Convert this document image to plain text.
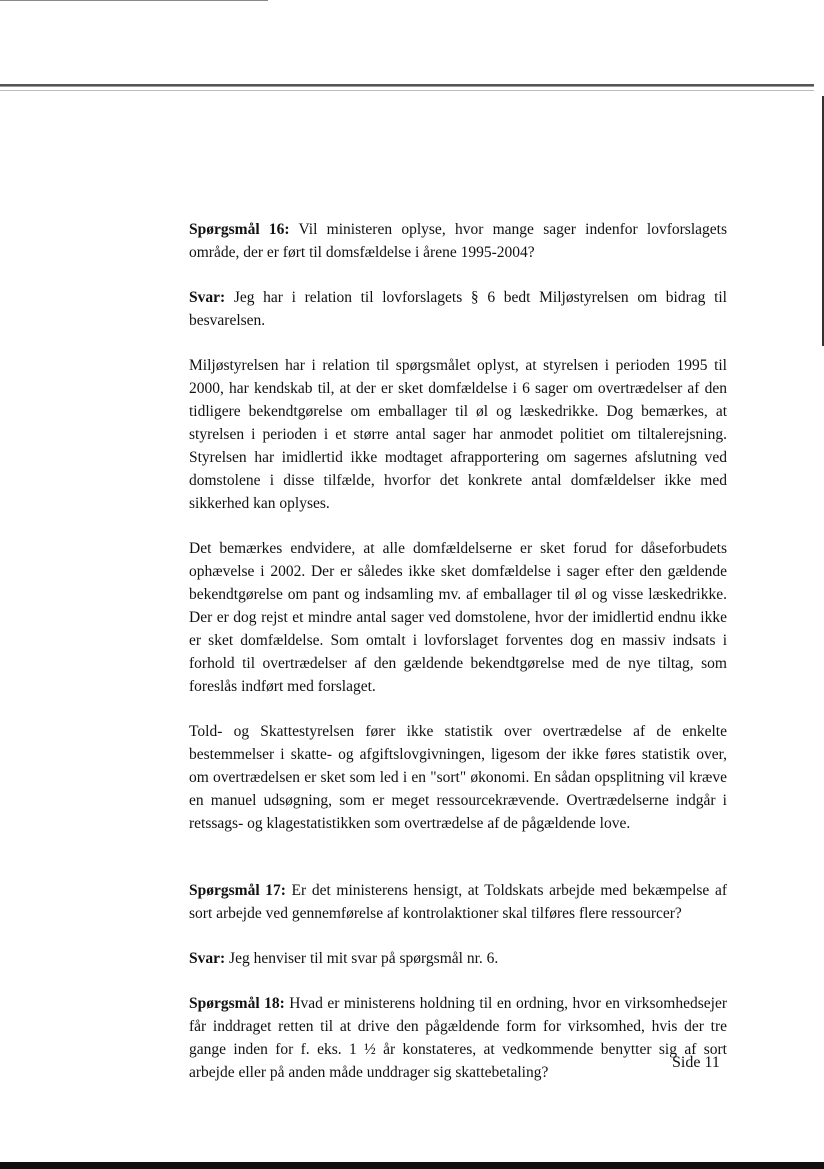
Spørgsmål 16: Vil ministeren oplyse, hvor mange sager indenfor lovforslagets område, der er ført til domsfældelse i årene 1995-2004?

Svar: Jeg har i relation til lovforslagets § 6 bedt Miljøstyrelsen om bidrag til besvarelsen.

Miljøstyrelsen har i relation til spørgsmålet oplyst, at styrelsen i perioden 1995 til 2000, har kendskab til, at der er sket domfældelse i 6 sager om overtrædelser af den tidligere bekendtgørelse om emballager til øl og læskedrikke. Dog bemærkes, at styrelsen i perioden i et større antal sager har anmodet politiet om tiltalerejsning. Styrelsen har imidlertid ikke modtaget afrapportering om sagernes afslutning ved domstolene i disse tilfælde, hvorfor det konkrete antal domfældelser ikke med sikkerhed kan oplyses.

Det bemærkes endvidere, at alle domfældelserne er sket forud for dåseforbudets ophævelse i 2002. Der er således ikke sket domfældelse i sager efter den gældende bekendtgørelse om pant og indsamling mv. af emballager til øl og visse læskedrikke. Der er dog rejst et mindre antal sager ved domstolene, hvor der imidlertid endnu ikke er sket domfældelse. Som omtalt i lovforslaget forventes dog en massiv indsats i forhold til overtrædelser af den gældende bekendtgørelse med de nye tiltag, som foreslås indført med forslaget.

Told- og Skattestyrelsen fører ikke statistik over overtrædelse af de enkelte bestemmelser i skatte- og afgiftslovgivningen, ligesom der ikke føres statistik over, om overtrædelsen er sket som led i en "sort" økonomi. En sådan opsplitning vil kræve en manuel udsøgning, som er meget ressourcekrævende. Overtrædelserne indgår i retssags- og klagestatistikken som overtrædelse af de pågældende love.

Spørgsmål 17: Er det ministerens hensigt, at Toldskats arbejde med bekæmpelse af sort arbejde ved gennemførelse af kontrolaktioner skal tilføres flere ressourcer?

Svar: Jeg henviser til mit svar på spørgsmål nr. 6.

Spørgsmål 18: Hvad er ministerens holdning til en ordning, hvor en virksomhedsejer får inddraget retten til at drive den pågældende form for virksomhed, hvis der tre gange inden for f. eks. 1 ½ år konstateres, at vedkommende benytter sig af sort arbejde eller på anden måde unddrager sig skattebetaling?

Side 11
